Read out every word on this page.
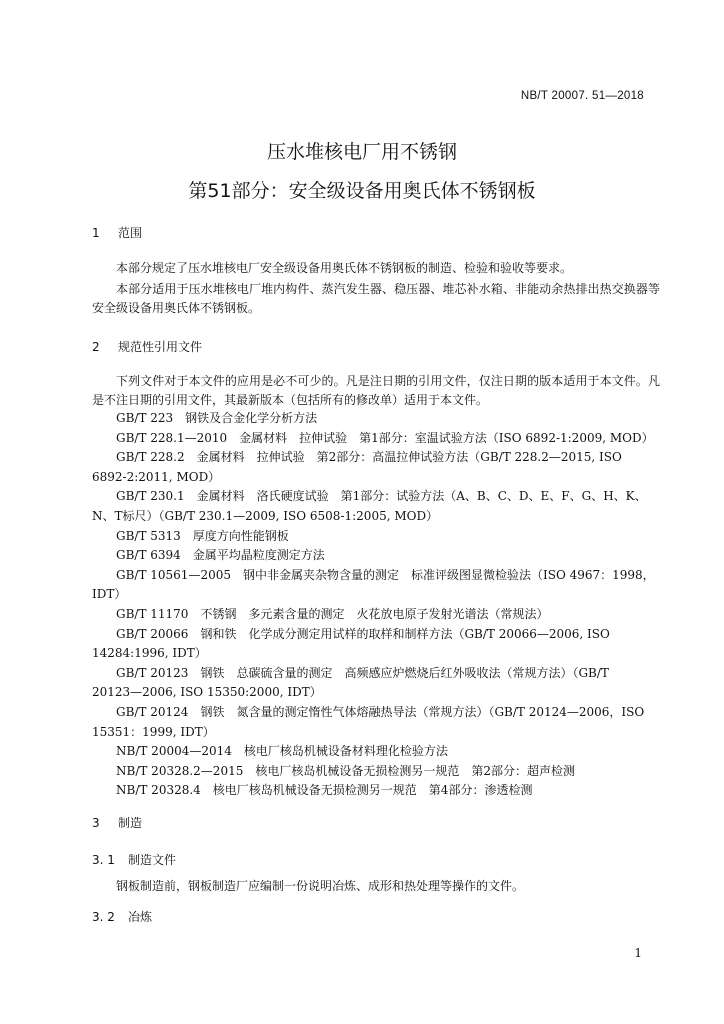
NB/T 20007. 51—2018
压水堆核电厂用不锈钢
第51部分：安全级设备用奥氏体不锈钢板
1 范围
本部分规定了压水堆核电厂安全级设备用奥氏体不锈钢板的制造、检验和验收等要求。
本部分适用于压水堆核电厂堆内构件、蒸汽发生器、稳压器、堆芯补水箱、非能动余热排出热交换器等安全级设备用奥氏体不锈钢板。
2 规范性引用文件
下列文件对于本文件的应用是必不可少的。凡是注日期的引用文件，仅注日期的版本适用于本文件。凡是不注日期的引用文件，其最新版本（包括所有的修改单）适用于本文件。
GB/T 223　钢铁及合金化学分析方法
GB/T 228.1—2010　金属材料　拉伸试验　第1部分：室温试验方法（ISO 6892-1:2009, MOD）
GB/T 228.2　金属材料　拉伸试验　第2部分：高温拉伸试验方法（GB/T 228.2—2015, ISO
6892-2:2011, MOD）
GB/T 230.1　金属材料　洛氏硬度试验　第1部分：试验方法（A、B、C、D、E、F、G、H、K、
N、T标尺）（GB/T 230.1—2009, ISO 6508-1:2005, MOD）
GB/T 5313　厚度方向性能钢板
GB/T 6394　金属平均晶粒度测定方法
GB/T 10561—2005　钢中非金属夹杂物含量的测定　标准评级图显微检验法（ISO 4967：1998，
IDT）
GB/T 11170　不锈钢　多元素含量的测定　火花放电原子发射光谱法（常规法）
GB/T 20066　钢和铁　化学成分测定用试样的取样和制样方法（GB/T 20066—2006, ISO
14284:1996, IDT）
GB/T 20123　钢铁　总碳硫含量的测定　高频感应炉燃烧后红外吸收法（常规方法）（GB/T
20123—2006, ISO 15350:2000, IDT）
GB/T 20124　钢铁　氮含量的测定惰性气体熔融热导法（常规方法）（GB/T 20124—2006，ISO
15351：1999, IDT）
NB/T 20004—2014　核电厂核岛机械设备材料理化检验方法
NB/T 20328.2—2015　核电厂核岛机械设备无损检测另一规范　第2部分：超声检测
NB/T 20328.4　核电厂核岛机械设备无损检测另一规范　第4部分：渗透检测
3 制造
3. 1 制造文件
钢板制造前，钢板制造厂应编制一份说明冶炼、成形和热处理等操作的文件。
3. 2 冶炼
1
